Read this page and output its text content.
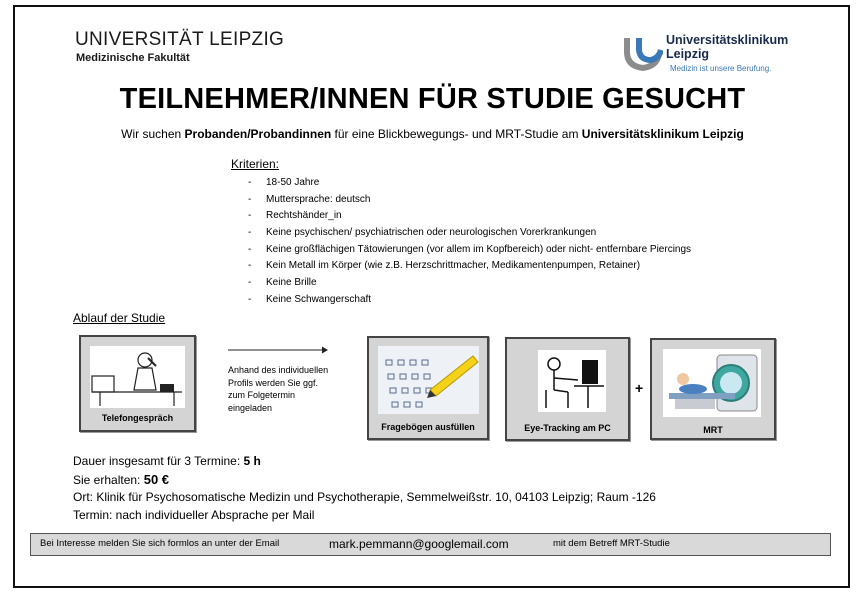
UNIVERSITÄT LEIPZIG
Medizinische Fakultät
Universitätsklinikum
Leipzig
Medizin ist unsere Berufung.
TEILNEHMER/INNEN FÜR STUDIE GESUCHT
Wir suchen Probanden/Probandinnen für eine Blickbewegungs- und MRT-Studie am Universitätsklinikum Leipzig
Kriterien:
- 18-50 Jahre
- Muttersprache: deutsch
- Rechtshänder_in
- Keine psychischen/ psychiatrischen oder neurologischen Vorerkrankungen
- Keine großflächigen Tätowierungen (vor allem im Kopfbereich) oder nicht- entfernbare Piercings
- Kein Metall im Körper (wie z.B. Herzschrittmacher, Medikamentenpumpen, Retainer)
- Keine Brille
- Keine Schwangerschaft
Ablauf der Studie
Telefongespräch
Anhand des individuellen
Profils werden Sie ggf.
zum Folgetermin
eingeladen
Fragebögen ausfüllen	Eye-Tracking am PC
+
MRT
Dauer insgesamt für 3 Termine: 5 h
Sie erhalten: 50 €
Ort: Klinik für Psychosomatische Medizin und Psychotherapie, Semmelweißstr. 10, 04103 Leipzig; Raum -126
Termin: nach individueller Absprache per Mail
Bei Interesse melden Sie sich formlos an unter der Email	mark.pemmann@googlemail.com	mit dem Betreff MRT-Studie
